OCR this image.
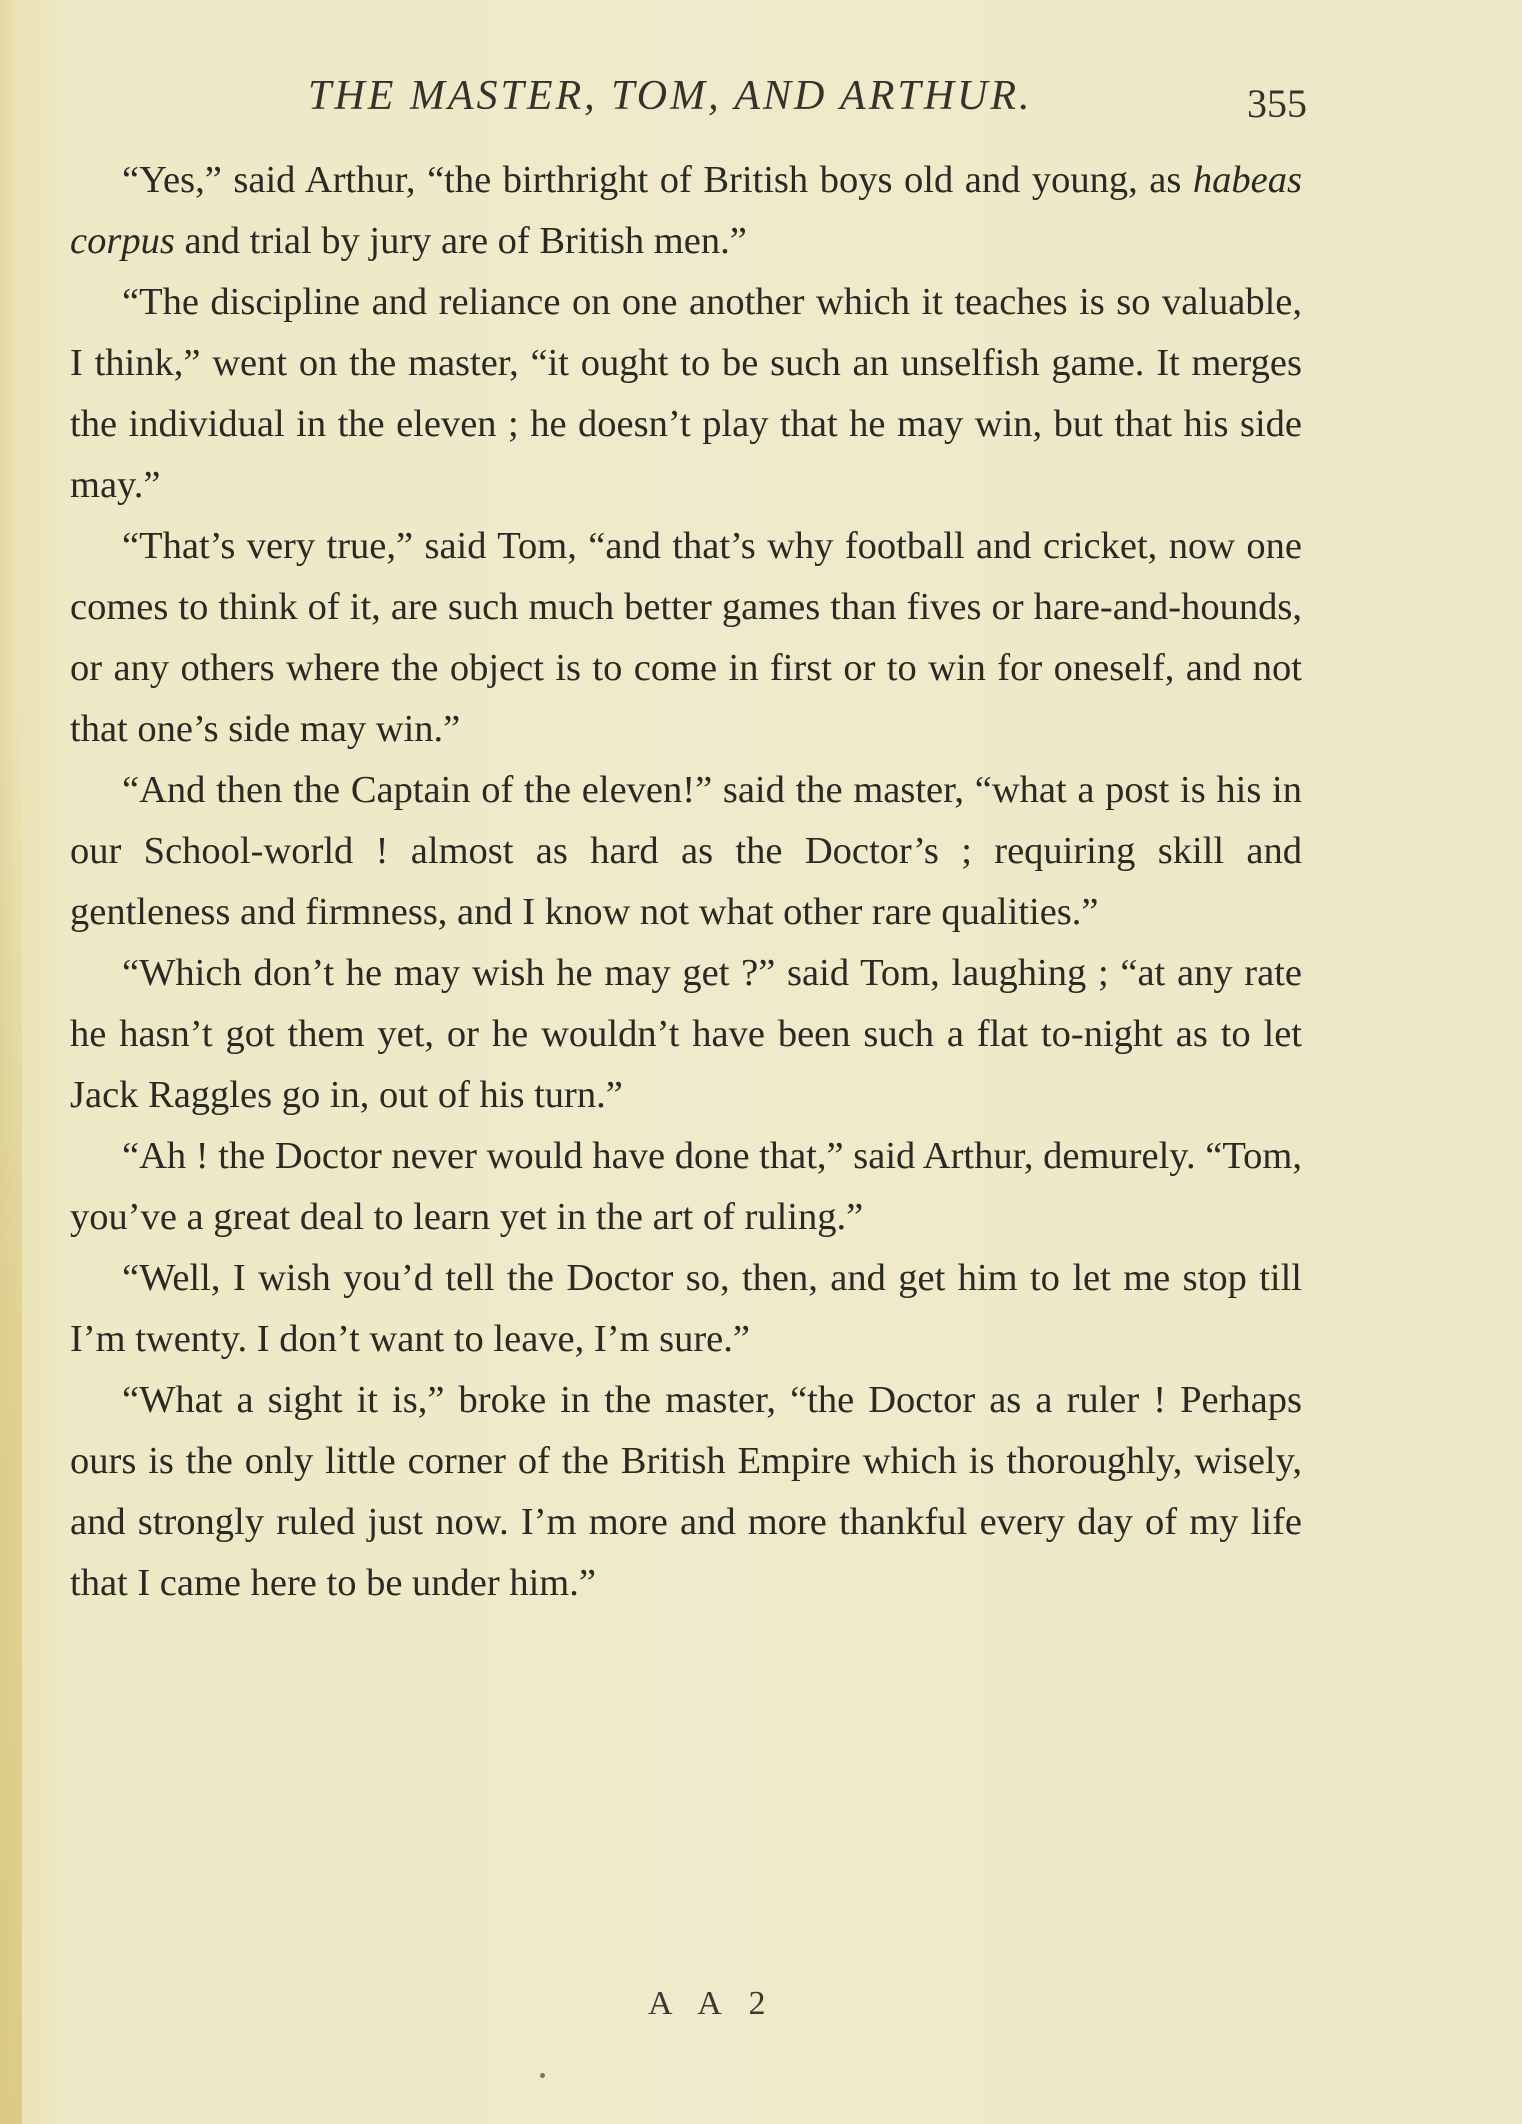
THE MASTER, TOM, AND ARTHUR.	355

“Yes,” said Arthur, “the birthright of British boys old and young, as habeas corpus and trial by jury are of British men.”

“The discipline and reliance on one another which it teaches is so valuable, I think,” went on the master, “it ought to be such an unselfish game. It merges the individual in the eleven ; he doesn’t play that he may win, but that his side may.”

“That’s very true,” said Tom, “and that’s why football and cricket, now one comes to think of it, are such much better games than fives or hare-and-hounds, or any others where the object is to come in first or to win for oneself, and not that one’s side may win.”

“And then the Captain of the eleven!” said the master, “what a post is his in our School-world ! almost as hard as the Doctor’s ; requiring skill and gentleness and firmness, and I know not what other rare qualities.”

“Which don’t he may wish he may get ?” said Tom, laughing ; “at any rate he hasn’t got them yet, or he wouldn’t have been such a flat to-night as to let Jack Raggles go in, out of his turn.”

“Ah ! the Doctor never would have done that,” said Arthur, demurely. “Tom, you’ve a great deal to learn yet in the art of ruling.”

“Well, I wish you’d tell the Doctor so, then, and get him to let me stop till I’m twenty. I don’t want to leave, I’m sure.”

“What a sight it is,” broke in the master, “the Doctor as a ruler ! Perhaps ours is the only little corner of the British Empire which is thoroughly, wisely, and strongly ruled just now. I’m more and more thankful every day of my life that I came here to be under him.”

A A 2
